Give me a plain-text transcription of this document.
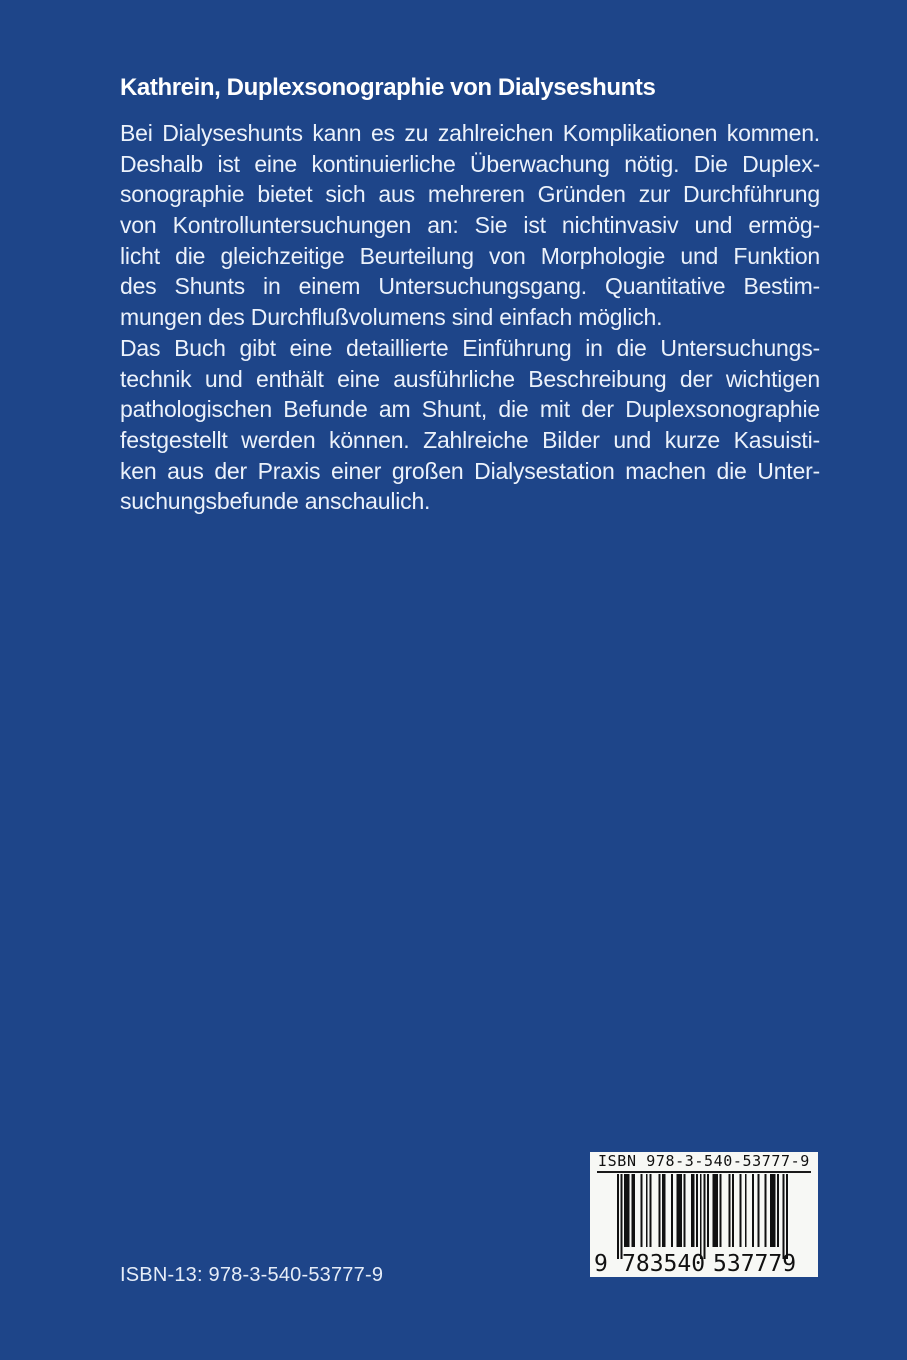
Kathrein, Duplexsonographie von Dialyseshunts
Bei Dialyseshunts kann es zu zahlreichen Komplikationen kommen.
Deshalb ist eine kontinuierliche Überwachung nötig. Die Duplex-
sonographie bietet sich aus mehreren Gründen zur Durchführung
von Kontrolluntersuchungen an: Sie ist nichtinvasiv und ermög-
licht die gleichzeitige Beurteilung von Morphologie und Funktion
des Shunts in einem Untersuchungsgang. Quantitative Bestim-
mungen des Durchflußvolumens sind einfach möglich.
Das Buch gibt eine detaillierte Einführung in die Untersuchungs-
technik und enthält eine ausführliche Beschreibung der wichtigen
pathologischen Befunde am Shunt, die mit der Duplexsonographie
festgestellt werden können. Zahlreiche Bilder und kurze Kasuisti-
ken aus der Praxis einer großen Dialysestation machen die Unter-
suchungsbefunde anschaulich.
ISBN 978-3-540-53777-9
9 783540 537779
ISBN-13: 978-3-540-53777-9
